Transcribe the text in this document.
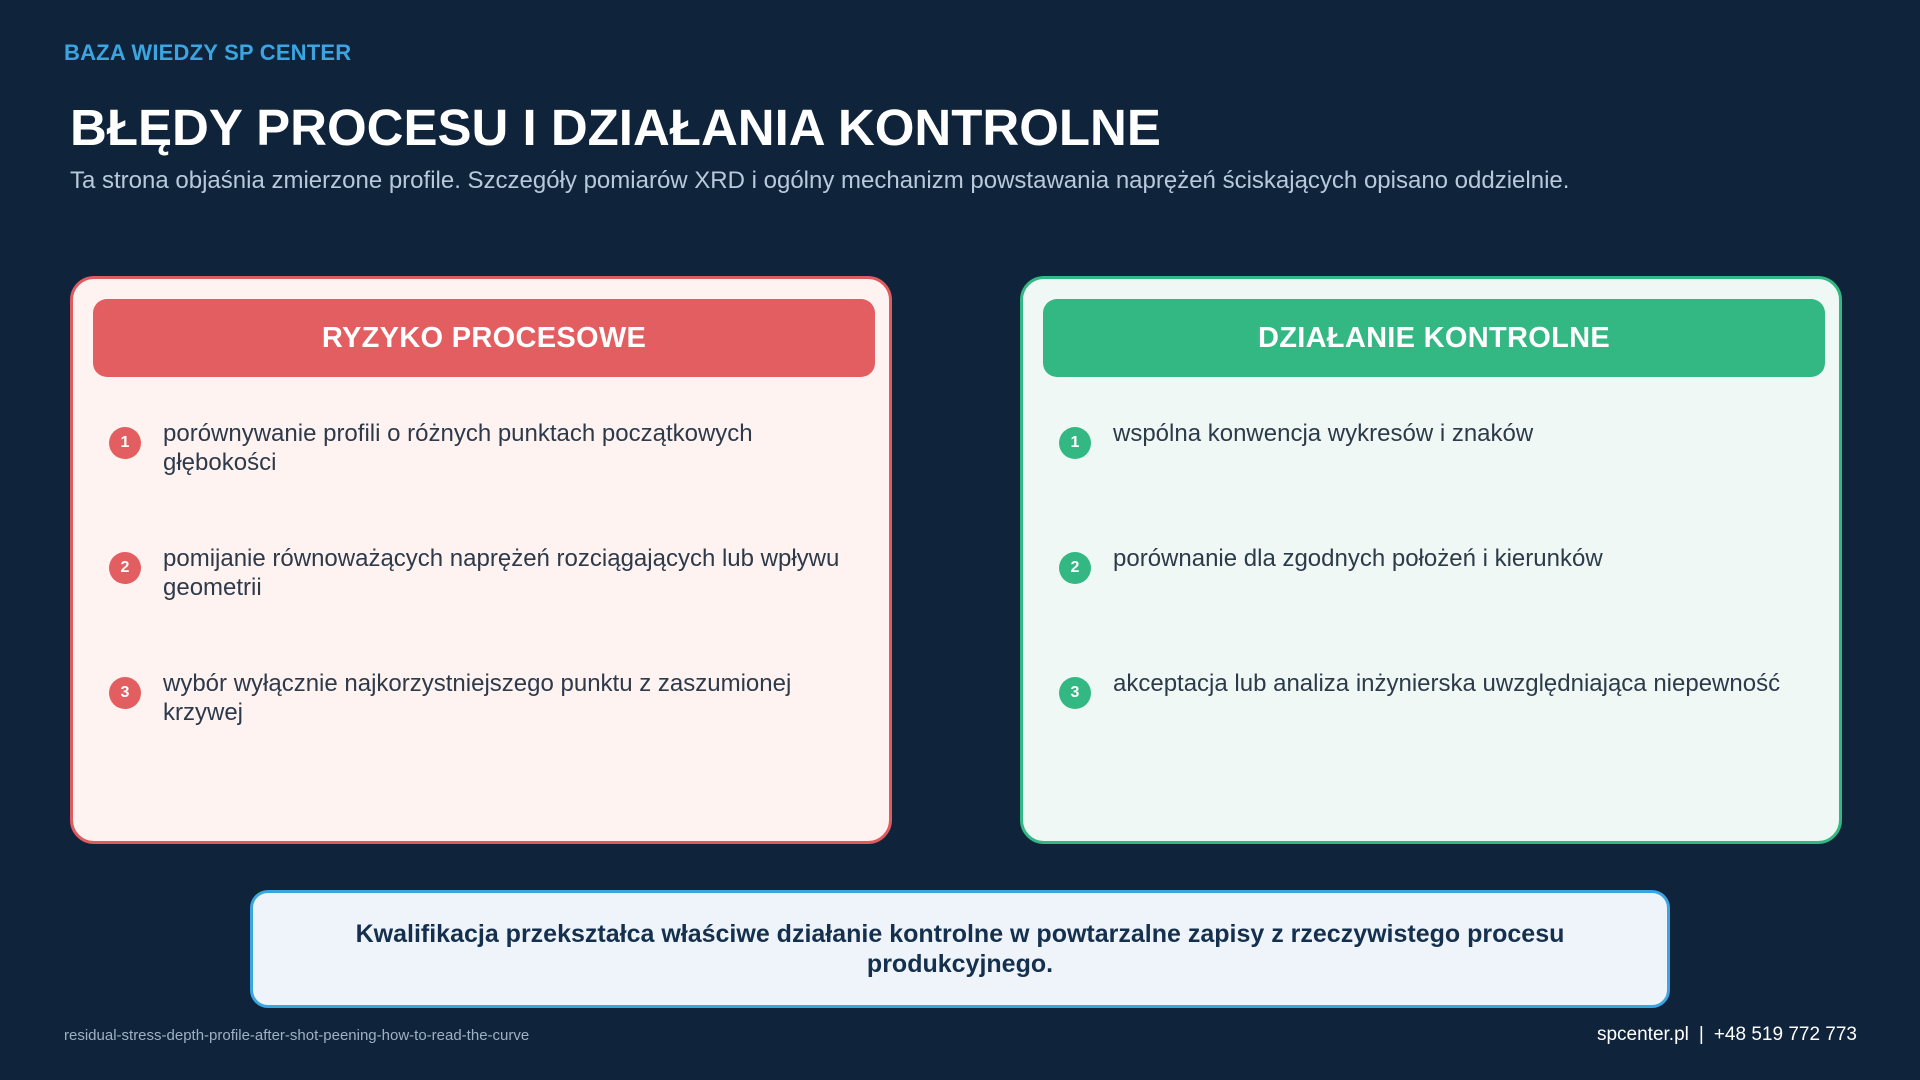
BAZA WIEDZY SP CENTER
BŁĘDY PROCESU I DZIAŁANIA KONTROLNE
Ta strona objaśnia zmierzone profile. Szczegóły pomiarów XRD i ogólny mechanizm powstawania naprężeń ściskających opisano oddzielnie.
RYZYKO PROCESOWE
1	porównywanie profili o różnych punktach początkowych głębokości
2	pomijanie równoważących naprężeń rozciągających lub wpływu geometrii
3	wybór wyłącznie najkorzystniejszego punktu z zaszumionej krzywej
DZIAŁANIE KONTROLNE
1	wspólna konwencja wykresów i znaków
2	porównanie dla zgodnych położeń i kierunków
3	akceptacja lub analiza inżynierska uwzględniająca niepewność
Kwalifikacja przekształca właściwe działanie kontrolne w powtarzalne zapisy z rzeczywistego procesu produkcyjnego.
residual-stress-depth-profile-after-shot-peening-how-to-read-the-curve	spcenter.pl | +48 519 772 773
